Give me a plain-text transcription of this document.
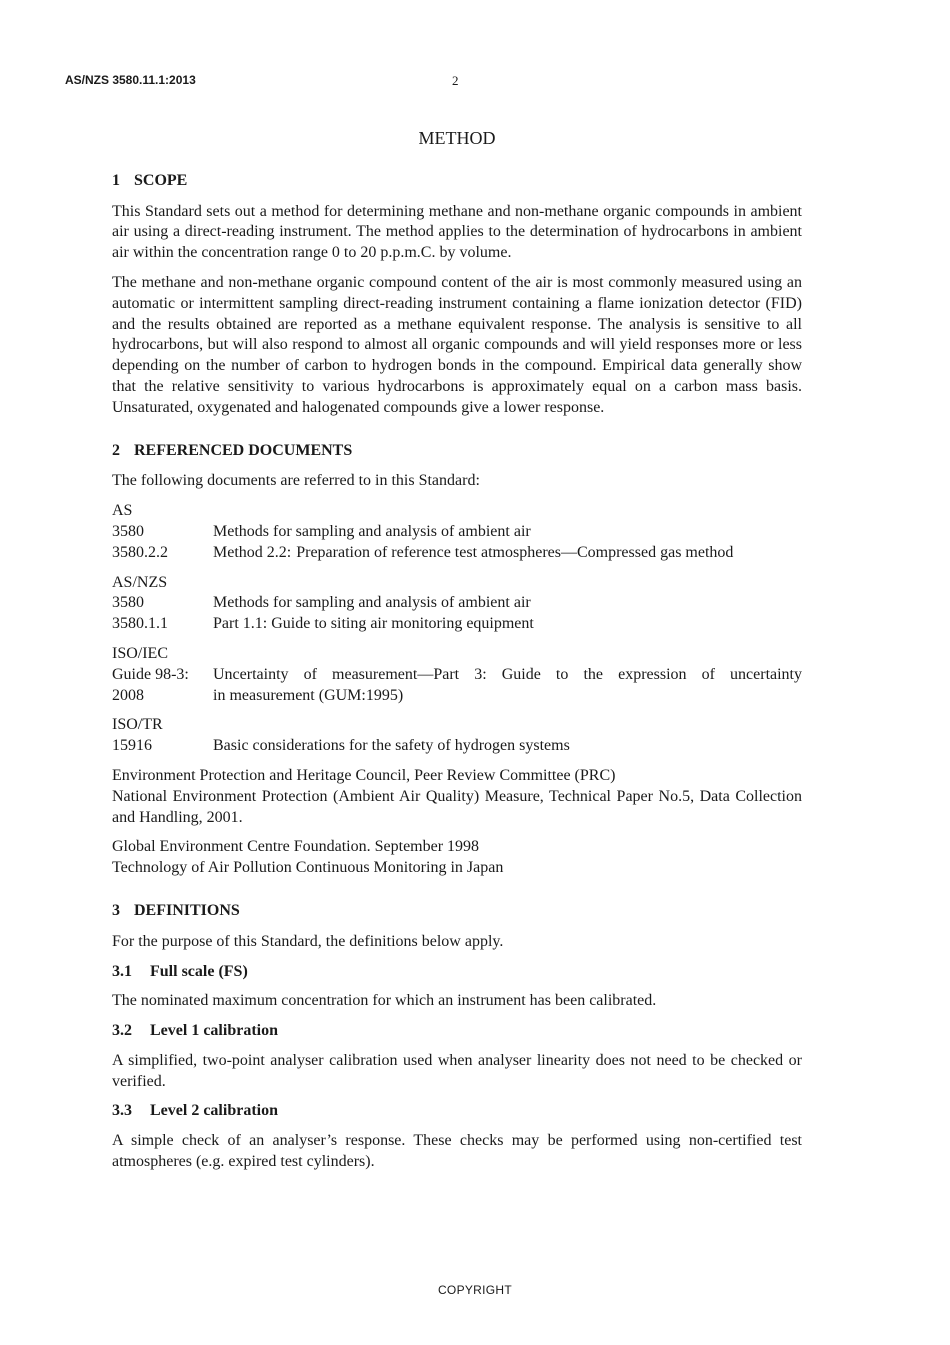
AS/NZS 3580.11.1:2013	2
METHOD
1 SCOPE

This Standard sets out a method for determining methane and non-methane organic compounds in ambient air using a direct-reading instrument. The method applies to the determination of hydrocarbons in ambient air within the concentration range 0 to 20 p.p.m.C. by volume.

The methane and non-methane organic compound content of the air is most commonly measured using an automatic or intermittent sampling direct-reading instrument containing a flame ionization detector (FID) and the results obtained are reported as a methane equivalent response. The analysis is sensitive to all hydrocarbons, but will also respond to almost all organic compounds and will yield responses more or less depending on the number of carbon to hydrogen bonds in the compound. Empirical data generally show that the relative sensitivity to various hydrocarbons is approximately equal on a carbon mass basis. Unsaturated, oxygenated and halogenated compounds give a lower response.

2 REFERENCED DOCUMENTS

The following documents are referred to in this Standard:

AS
3580	Methods for sampling and analysis of ambient air
3580.2.2	Method 2.2: Preparation of reference test atmospheres—Compressed gas method
AS/NZS
3580	Methods for sampling and analysis of ambient air
3580.1.1	Part 1.1: Guide to siting air monitoring equipment
ISO/IEC
Guide 98-3:	Uncertainty of measurement—Part 3: Guide to the expression of uncertainty
2008	in measurement (GUM:1995)
ISO/TR
15916	Basic considerations for the safety of hydrogen systems
Environment Protection and Heritage Council, Peer Review Committee (PRC)
National Environment Protection (Ambient Air Quality) Measure, Technical Paper No.5, Data Collection and Handling, 2001.
Global Environment Centre Foundation. September 1998
Technology of Air Pollution Continuous Monitoring in Japan
3 DEFINITIONS

For the purpose of this Standard, the definitions below apply.

3.1 Full scale (FS)

The nominated maximum concentration for which an instrument has been calibrated.

3.2 Level 1 calibration

A simplified, two-point analyser calibration used when analyser linearity does not need to be checked or verified.

3.3 Level 2 calibration

A simple check of an analyser’s response. These checks may be performed using non-certified test atmospheres (e.g. expired test cylinders).

COPYRIGHT
